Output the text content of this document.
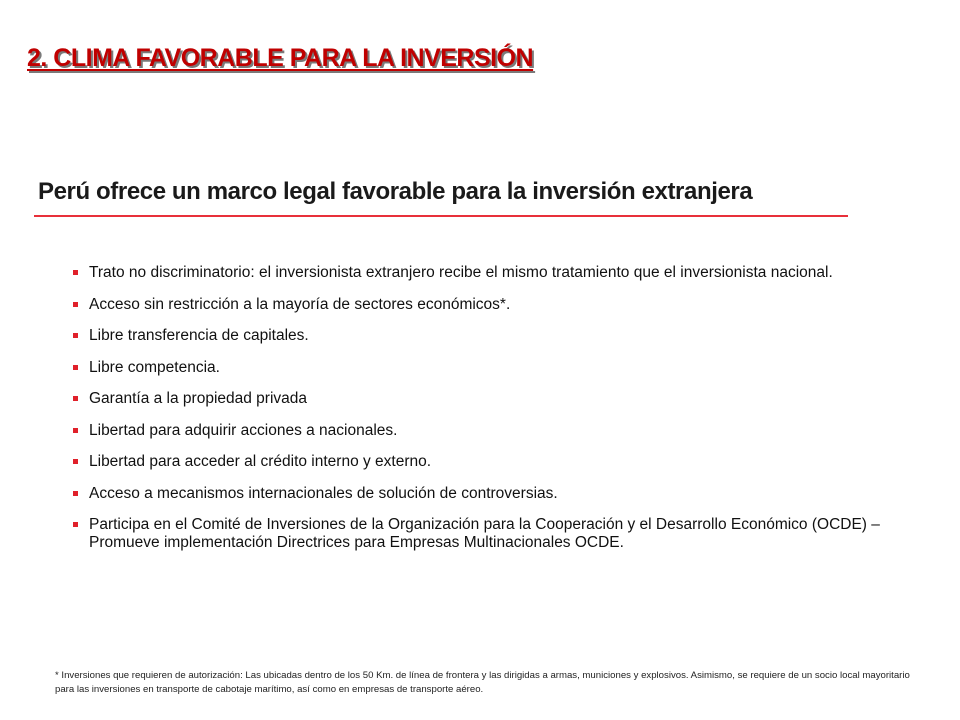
2. CLIMA FAVORABLE PARA LA INVERSIÓN
Perú ofrece un marco legal favorable para la inversión extranjera
Trato no discriminatorio: el inversionista extranjero recibe el mismo tratamiento que el inversionista nacional.
Acceso sin restricción a la mayoría de sectores económicos*.
Libre transferencia de capitales.
Libre competencia.
Garantía a la propiedad privada
Libertad para adquirir acciones a nacionales.
Libertad para acceder al crédito interno y externo.
Acceso a mecanismos internacionales de solución de controversias.
Participa en el Comité de Inversiones de la Organización para la Cooperación y el Desarrollo Económico (OCDE) – Promueve implementación Directrices para Empresas Multinacionales OCDE.
* Inversiones que requieren de autorización: Las ubicadas dentro de los 50 Km. de línea de frontera y las dirigidas a armas, municiones y explosivos. Asimismo, se requiere de un socio local mayoritario para las inversiones en transporte de cabotaje marítimo, así como en empresas de transporte aéreo.
